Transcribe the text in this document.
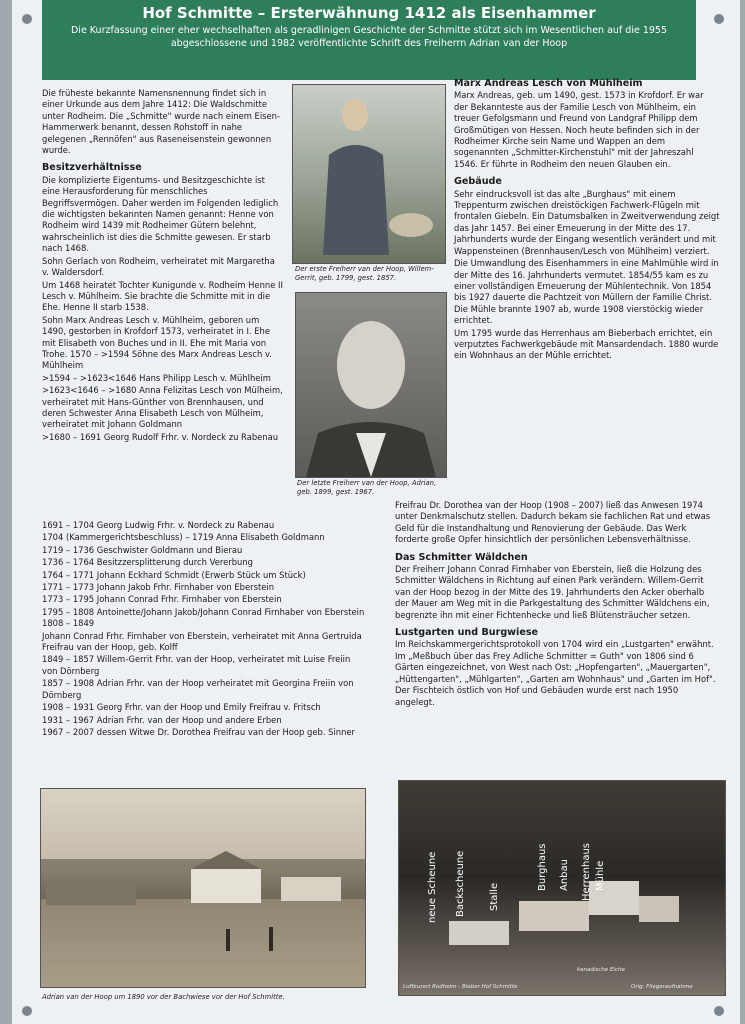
Hof Schmitte – Ersterwähnung 1412 als Eisenhammer

Die Kurzfassung einer eher wechselhaften als geradlinigen Geschichte der Schmitte stützt sich im Wesentlichen auf die 1955 abgeschlossene und 1982 veröffentlichte Schrift des Freiherrn Adrian van der Hoop

Die früheste bekannte Namensnennung findet sich in einer Urkunde aus dem Jahre 1412: Die Waldschmitte unter Rodheim. Die „Schmitte" wurde nach einem Eisen-Hammerwerk benannt, dessen Rohstoff in nahe gelegenen „Rennöfen" aus Raseneisenstein gewonnen wurde.

Besitzverhältnisse

Die komplizierte Eigentums- und Besitzgeschichte ist eine Herausforderung für menschliches Begriffsvermögen. Daher werden im Folgenden lediglich die wichtigsten bekannten Namen genannt: Henne von Rodheim wird 1439 mit Rodheimer Gütern belehnt, wahrscheinlich ist dies die Schmitte gewesen. Er starb nach 1468.

Sohn Gerlach von Rodheim, verheiratet mit Margaretha v. Waldersdorf.

Um 1468 heiratet Tochter Kunigunde v. Rodheim Henne II Lesch v. Mühlheim. Sie brachte die Schmitte mit in die Ehe. Henne II starb 1538.

Sohn Marx Andreas Lesch v. Mühlheim, geboren um 1490, gestorben in Krofdorf 1573, verheiratet in I. Ehe mit Elisabeth von Buches und in II. Ehe mit Maria von Trohe. 1570 – >1594 Söhne des Marx Andreas Lesch v. Mühlheim

>1594 – >1623<1646 Hans Philipp Lesch v. Mühlheim

>1623<1646 – >1680 Anna Felizitas Lesch von Mülheim, verheiratet mit Hans-Günther von Brennhausen, und deren Schwester Anna Elisabeth Lesch von Mülheim, verheiratet mit Johann Goldmann

>1680 – 1691 Georg Rudolf Frhr. v. Nordeck zu Rabenau

1691 – 1704 Georg Ludwig Frhr. v. Nordeck zu Rabenau

1704 (Kammergerichtsbeschluss) – 1719 Anna Elisabeth Goldmann

1719 – 1736 Geschwister Goldmann und Bierau

1736 – 1764 Besitzzersplitterung durch Vererbung

1764 – 1771 Johann Eckhard Schmidt (Erwerb Stück um Stück)

1771 – 1773 Johann Jakob Frhr. Firnhaber von Eberstein

1773 – 1795 Johann Conrad Frhr. Firnhaber von Eberstein

1795 – 1808 Antoinette/Johann Jakob/Johann Conrad Firnhaber von Eberstein 1808 – 1849

Johann Conrad Frhr. Firnhaber von Eberstein, verheiratet mit Anna Gertruida Freifrau van der Hoop, geb. Kolff

1849 – 1857 Willem-Gerrit Frhr. van der Hoop, verheiratet mit Luise Freiin von Dörnberg

1857 – 1908 Adrian Frhr. van der Hoop verheiratet mit Georgina Freiin von Dörnberg

1908 – 1931 Georg Frhr. van der Hoop und Emily Freifrau v. Fritsch

1931 – 1967 Adrian Frhr. van der Hoop und andere Erben

1967 – 2007 dessen Witwe Dr. Dorothea Freifrau van der Hoop geb. Sinner

Der erste Freiherr van der Hoop, Willem-Gerrit, geb. 1799, gest. 1857.
Der letzte Freiherr van der Hoop, Adrian, geb. 1899, gest. 1967.
Marx Andreas Lesch von Mühlheim

Marx Andreas, geb. um 1490, gest. 1573 in Krofdorf. Er war der Bekannteste aus der Familie Lesch von Mühlheim, ein treuer Gefolgsmann und Freund von Landgraf Philipp dem Großmütigen von Hessen. Noch heute befinden sich in der Rodheimer Kirche sein Name und Wappen an dem sogenannten „Schmitter-Kirchenstuhl" mit der Jahreszahl 1546. Er führte in Rodheim den neuen Glauben ein.

Gebäude

Sehr eindrucksvoll ist das alte „Burghaus" mit einem Treppenturm zwischen dreistöckigen Fachwerk-Flügeln mit frontalen Giebeln. Ein Datumsbalken in Zweitverwendung zeigt das Jahr 1457. Bei einer Erneuerung in der Mitte des 17. Jahrhunderts wurde der Eingang wesentlich verändert und mit Wappensteinen (Brennhausen/Lesch von Mühlheim) verziert.

Die Umwandlung des Eisenhammers in eine Mahlmühle wird in der Mitte des 16. Jahrhunderts vermutet. 1854/55 kam es zu einer vollständigen Erneuerung der Mühlentechnik. Von 1854 bis 1927 dauerte die Pachtzeit von Müllern der Familie Christ. Die Mühle brannte 1907 ab, wurde 1908 vierstöckig wieder errichtet.

Um 1795 wurde das Herrenhaus am Bieberbach errichtet, ein verputztes Fachwerkgebäude mit Mansardendach. 1880 wurde ein Wohnhaus an der Mühle errichtet.

Freifrau Dr. Dorothea van der Hoop (1908 – 2007) ließ das Anwesen 1974 unter Denkmalschutz stellen. Dadurch bekam sie fachlichen Rat und etwas Geld für die Instandhaltung und Renovierung der Gebäude. Das Werk forderte große Opfer hinsichtlich der persönlichen Lebensverhältnisse.

Das Schmitter Wäldchen

Der Freiherr Johann Conrad Firnhaber von Eberstein, ließ die Holzung des Schmitter Wäldchens in Richtung auf einen Park verändern. Willem-Gerrit van der Hoop bezog in der Mitte des 19. Jahrhunderts den Acker oberhalb der Mauer am Weg mit in die Parkgestaltung des Schmitter Wäldchens ein, begrenzte ihn mit einer Fichtenhecke und ließ Blütensträucher setzen.

Lustgarten und Burgwiese

Im Reichskammergerichtsprotokoll von 1704 wird ein „Lustgarten" erwähnt. Im „Meßbuch über das Frey Adliche Schmitter = Guth" von 1806 sind 6 Gärten eingezeichnet, von West nach Ost: „Hopfengarten", „Mauergarten", „Hüttengarten", „Mühlgarten", „Garten am Wohnhaus" und „Garten im Hof". Der Fischteich östlich von Hof und Gebäuden wurde erst nach 1950 angelegt.

Adrian van der Hoop um 1890 vor der Bachwiese vor der Hof Schmitte.
neue Scheune Backscheune Stalle
Burghaus Anbau Herrenhaus Mühle
Luftkurort Rodheim - Bieber Hof Schmitte	Orig. Fliegeraufnahme
kanadische Eiche
